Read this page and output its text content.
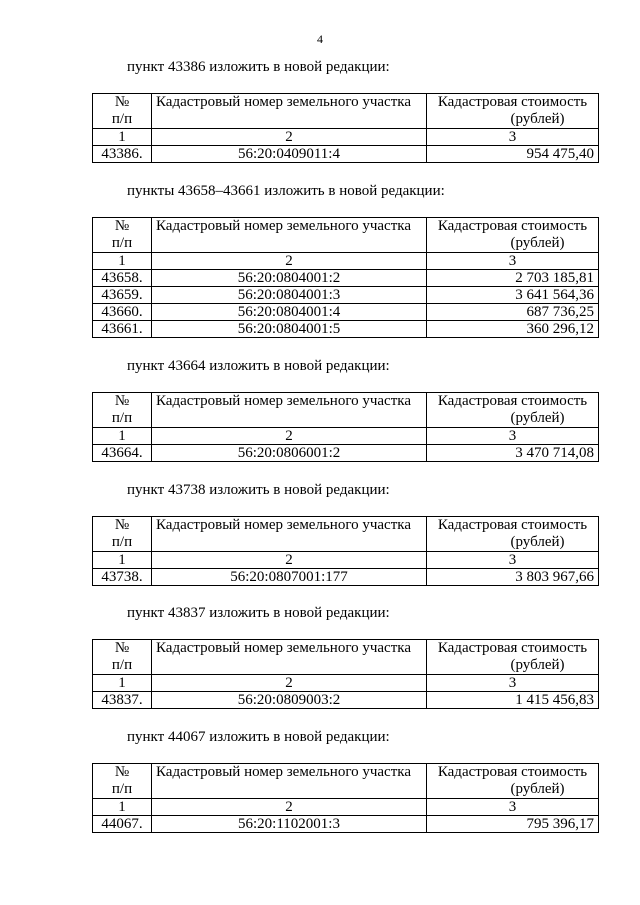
4
пункт 43386 изложить в новой редакции:
№
п/п	Кадастровый номер земельного участка	Кадастровая стоимость
(рублей)
1	2	3
43386.	56:20:0409011:4	954 475,40
пункты 43658–43661 изложить в новой редакции:
№
п/п	Кадастровый номер земельного участка	Кадастровая стоимость
(рублей)
1	2	3
43658.	56:20:0804001:2	2 703 185,81
43659.	56:20:0804001:3	3 641 564,36
43660.	56:20:0804001:4	687 736,25
43661.	56:20:0804001:5	360 296,12
пункт 43664 изложить в новой редакции:
№
п/п	Кадастровый номер земельного участка	Кадастровая стоимость
(рублей)
1	2	3
43664.	56:20:0806001:2	3 470 714,08
пункт 43738 изложить в новой редакции:
№
п/п	Кадастровый номер земельного участка	Кадастровая стоимость
(рублей)
1	2	3
43738.	56:20:0807001:177	3 803 967,66
пункт 43837 изложить в новой редакции:
№
п/п	Кадастровый номер земельного участка	Кадастровая стоимость
(рублей)
1	2	3
43837.	56:20:0809003:2	1 415 456,83
пункт 44067 изложить в новой редакции:
№
п/п	Кадастровый номер земельного участка	Кадастровая стоимость
(рублей)
1	2	3
44067.	56:20:1102001:3	795 396,17
